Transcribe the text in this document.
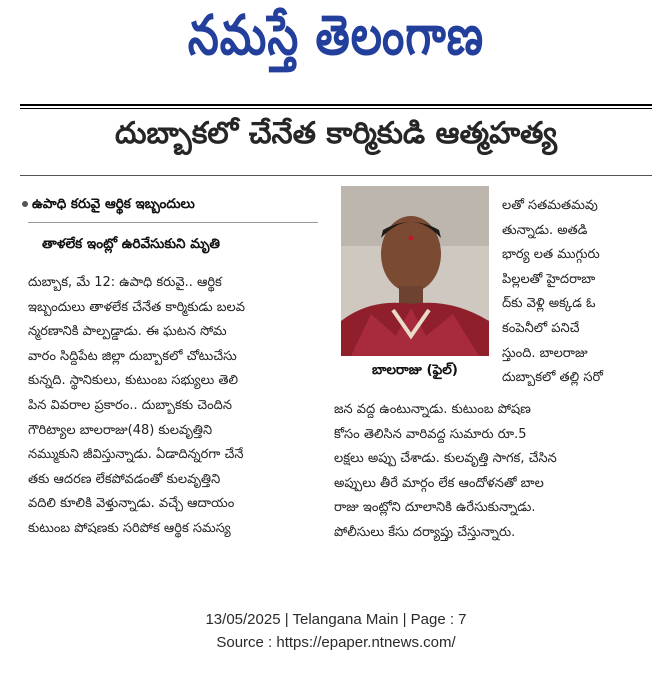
నమస్తే తెలంగాణ
దుబ్బాకలో చేనేత కార్మికుడి ఆత్మహత్య
ఉపాధి కరువై ఆర్థిక ఇబ్బందులు
తాళలేక ఇంట్లో ఉరివేసుకుని మృతి

దుబ్బాక, మే 12: ఉపాధి కరువై.. ఆర్థిక

ఇబ్బందులు తాళలేక చేనేత కార్మికుడు బలవ

న్మరణానికి పాల్పడ్డాడు. ఈ ఘటన సోమ

వారం సిద్దిపేట జిల్లా దుబ్బాకలో చోటుచేసు

కున్నది. స్థానికులు, కుటుంబ సభ్యులు తెలి

పిన వివరాల ప్రకారం.. దుబ్బాకకు చెందిన

గౌరిట్యాల బాలరాజు(48) కులవృత్తిని

నమ్ముకుని జీవిస్తున్నాడు. ఏడాదిన్నరగా చేనే

తకు ఆదరణ లేకపోవడంతో కులవృత్తిని

వదిలి కూలికి వెళ్తున్నాడు. వచ్చే ఆదాయం

కుటుంబ పోషణకు సరిపోక ఆర్థిక సమస్య

బాలరాజు (ఫైల్)

లతో సతమతమవు

తున్నాడు. అతడి

భార్య లత ముగ్గురు

పిల్లలతో హైదరాబా

ద్‌కు వెళ్లి అక్కడ ఓ

కంపెనీలో పనిచే

స్తుంది. బాలరాజు

దుబ్బాకలో తల్లి సరో

జన వద్ద ఉంటున్నాడు. కుటుంబ పోషణ

కోసం తెలిసిన వారివద్ద సుమారు రూ.5

లక్షలు అప్పు చేశాడు. కులవృత్తి సాగక, చేసిన

అప్పులు తీరే మార్గం లేక ఆందోళనతో బాల

రాజు ఇంట్లోని దూలానికి ఉరేసుకున్నాడు.

పోలీసులు కేసు దర్యాప్తు చేస్తున్నారు.

13/05/2025 | Telangana Main | Page : 7
Source : https://epaper.ntnews.com/
